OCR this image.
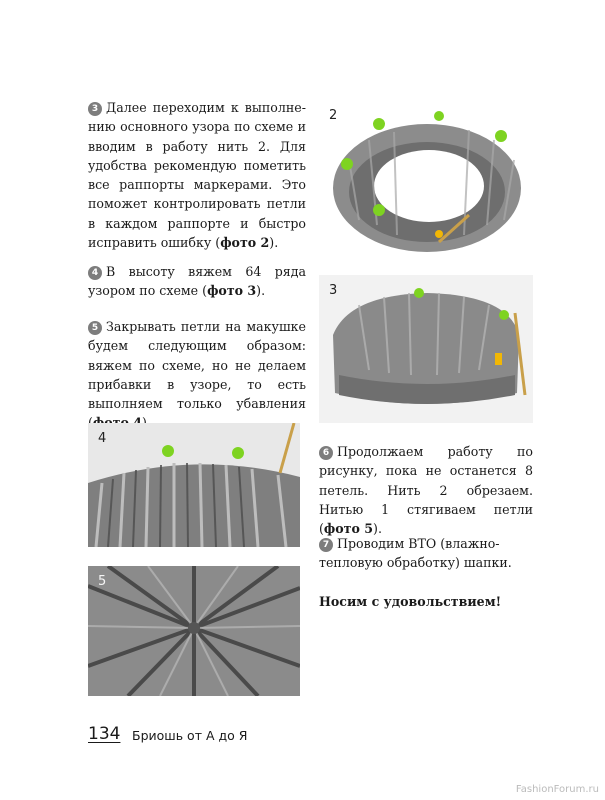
3 Далее переходим к выполнению основного узора по схеме и вводим в работу нить 2. Для удобства рекомендую пометить все раппорты маркерами. Это поможет контролировать петли в каждом раппорте и быстро исправить ошибку (фото 2).

4 В высоту вяжем 64 ряда узором по схеме (фото 3).

5 Закрывать петли на макушке будем следующим образом: вяжем по схеме, но не делаем прибавки в узоре, то есть выполняем только убавления

6 Продолжаем работу по рисунку, пока не останется 8 петель. Нить 2 обрезаем. Нитью 1 стягиваем петли (фото 5).

7 Проводим ВТО (влажно-тепловую обработку) шапки.

Носим с удовольствием!

2
3
4
5
134 Бриошь от А до Я
FashionForum.ru
